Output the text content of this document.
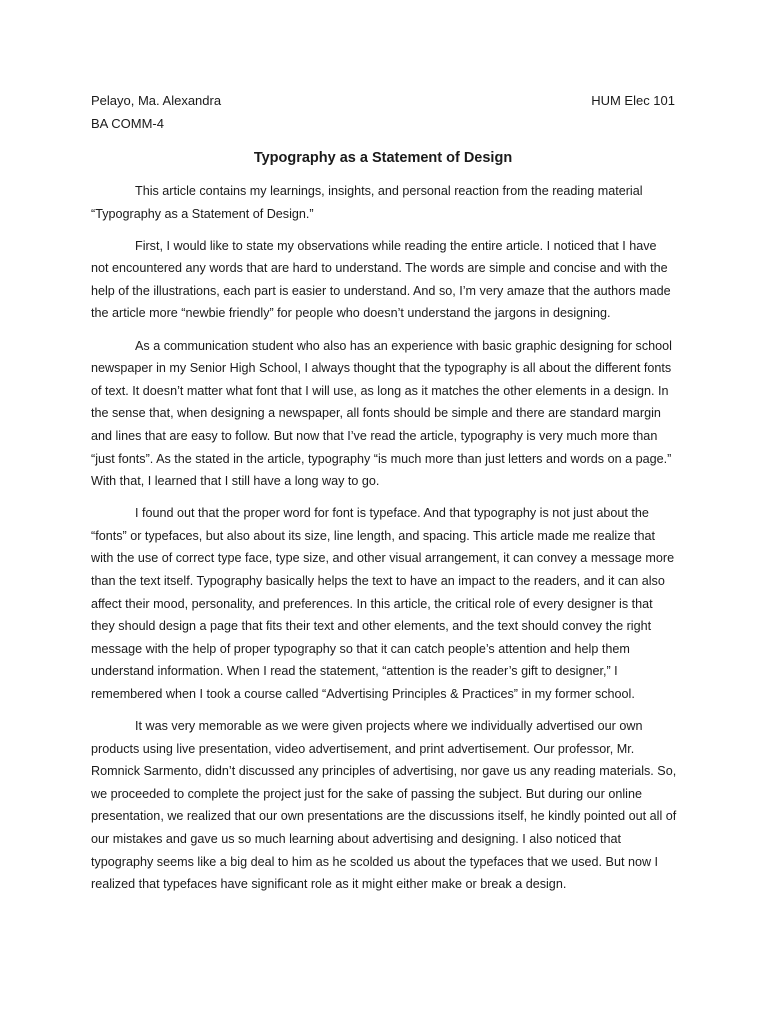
Pelayo, Ma. Alexandra	HUM Elec 101
BA COMM-4
Typography as a Statement of Design

This article contains my learnings, insights, and personal reaction from the reading material “Typography as a Statement of Design.”

First, I would like to state my observations while reading the entire article. I noticed that I have not encountered any words that are hard to understand. The words are simple and concise and with the help of the illustrations, each part is easier to understand. And so, I’m very amaze that the authors made the article more “newbie friendly” for people who doesn’t understand the jargons in designing.

As a communication student who also has an experience with basic graphic designing for school newspaper in my Senior High School, I always thought that the typography is all about the different fonts of text. It doesn’t matter what font that I will use, as long as it matches the other elements in a design. In the sense that, when designing a newspaper, all fonts should be simple and there are standard margin and lines that are easy to follow. But now that I’ve read the article, typography is very much more than “just fonts”. As the stated in the article, typography “is much more than just letters and words on a page.” With that, I learned that I still have a long way to go.

I found out that the proper word for font is typeface. And that typography is not just about the “fonts” or typefaces, but also about its size, line length, and spacing. This article made me realize that with the use of correct type face, type size, and other visual arrangement, it can convey a message more than the text itself. Typography basically helps the text to have an impact to the readers, and it can also affect their mood, personality, and preferences. In this article, the critical role of every designer is that they should design a page that fits their text and other elements, and the text should convey the right message with the help of proper typography so that it can catch people’s attention and help them understand information. When I read the statement, “attention is the reader’s gift to designer,” I remembered when I took a course called “Advertising Principles & Practices” in my former school.

It was very memorable as we were given projects where we individually advertised our own products using live presentation, video advertisement, and print advertisement. Our professor, Mr. Romnick Sarmento, didn’t discussed any principles of advertising, nor gave us any reading materials. So, we proceeded to complete the project just for the sake of passing the subject. But during our online presentation, we realized that our own presentations are the discussions itself, he kindly pointed out all of our mistakes and gave us so much learning about advertising and designing. I also noticed that typography seems like a big deal to him as he scolded us about the typefaces that we used. But now I realized that typefaces have significant role as it might either make or break a design.
